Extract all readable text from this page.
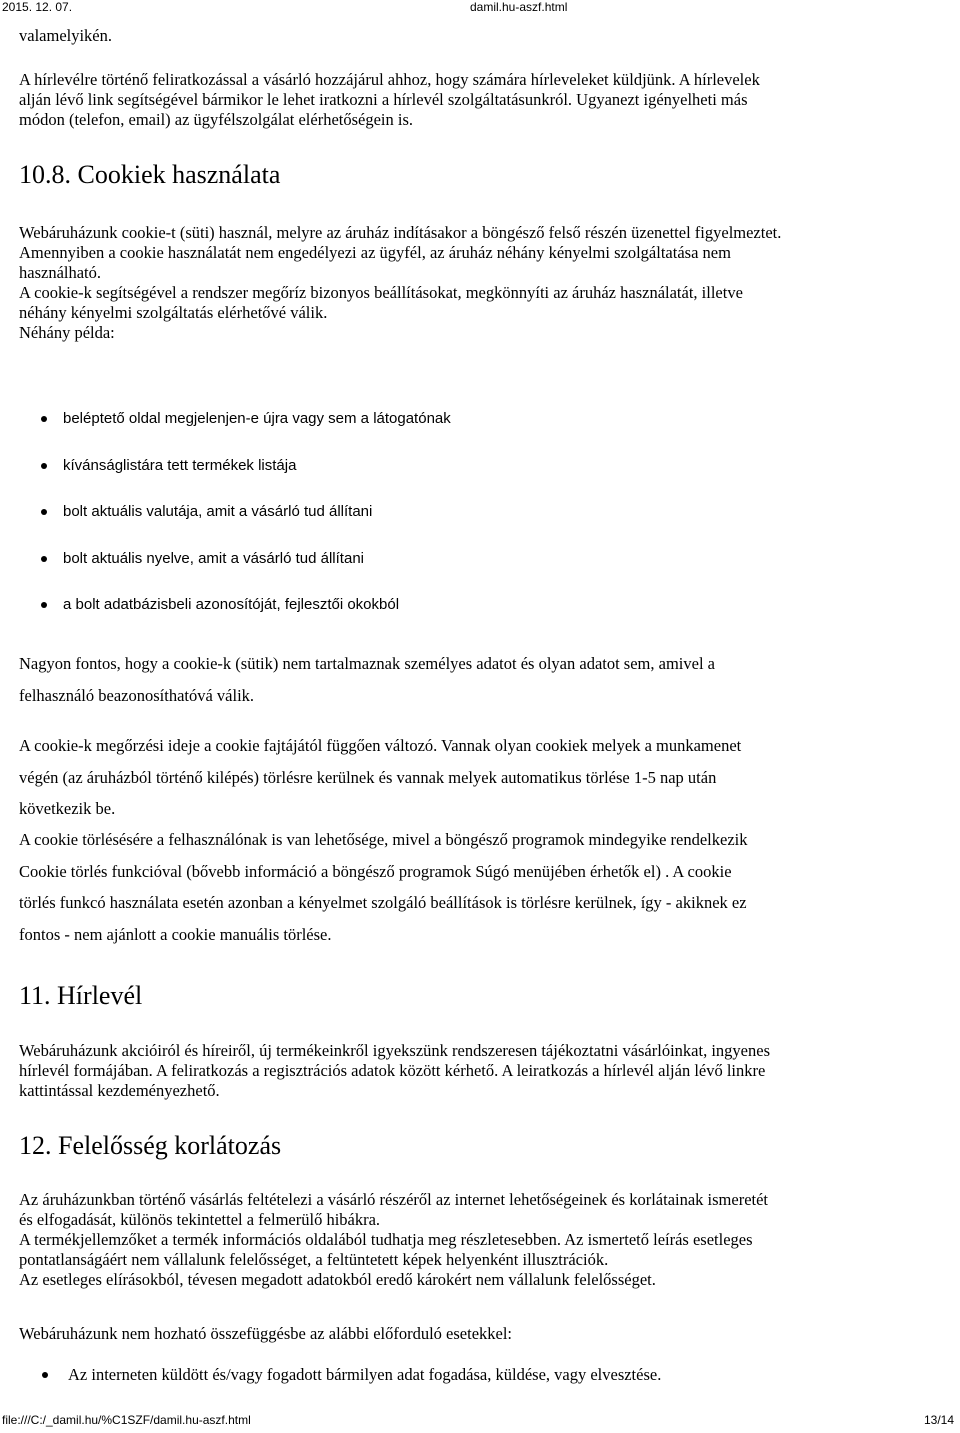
2015. 12. 07.	damil.hu-aszf.html

valamelyikén.

A hírlevélre történő feliratkozással a vásárló hozzájárul ahhoz, hogy számára hírleveleket küldjünk. A hírlevelek
alján lévő link segítségével bármikor le lehet iratkozni a hírlevél szolgáltatásunkról. Ugyanezt igényelheti más
módon (telefon, email) az ügyfélszolgálat elérhetőségein is.

10.8. Cookiek használata

Webáruházunk cookie-t (süti) használ, melyre az áruház indításakor a böngésző felső részén üzenettel figyelmeztet.
Amennyiben a cookie használatát nem engedélyezi az ügyfél, az áruház néhány kényelmi szolgáltatása nem
használható.
A cookie-k segítségével a rendszer megőríz bizonyos beállításokat, megkönnyíti az áruház használatát, illetve
néhány kényelmi szolgáltatás elérhetővé válik.
Néhány példa:

beléptető oldal megjelenjen-e újra vagy sem a látogatónak
kívánságlistára tett termékek listája
bolt aktuális valutája, amit a vásárló tud állítani
bolt aktuális nyelve, amit a vásárló tud állítani
a bolt adatbázisbeli azonosítóját, fejlesztői okokból

Nagyon fontos, hogy a cookie-k (sütik) nem tartalmaznak személyes adatot és olyan adatot sem, amivel a
felhasználó beazonosíthatóvá válik.

A cookie-k megőrzési ideje a cookie fajtájától függően változó. Vannak olyan cookiek melyek a munkamenet
végén (az áruházból történő kilépés) törlésre kerülnek és vannak melyek automatikus törlése 1-5 nap után
következik be.

A cookie törlésésére a felhasználónak is van lehetősége, mivel a böngésző programok mindegyike rendelkezik
Cookie törlés funkcióval (bővebb információ a böngésző programok Súgó menüjében érhetők el) . A cookie
törlés funkcó használata esetén azonban a kényelmet szolgáló beállítások is törlésre kerülnek, így - akiknek ez
fontos - nem ajánlott a cookie manuális törlése.

11. Hírlevél

Webáruházunk akcióiról és híreiről, új termékeinkről igyekszünk rendszeresen tájékoztatni vásárlóinkat, ingyenes
hírlevél formájában. A feliratkozás a regisztrációs adatok között kérhető. A leiratkozás a hírlevél alján lévő linkre
kattintással kezdeményezhető.

12. Felelősség korlátozás

Az áruházunkban történő vásárlás feltételezi a vásárló részéről az internet lehetőségeinek és korlátainak ismeretét
és elfogadását, különös tekintettel a felmerülő hibákra.
A termékjellemzőket a termék információs oldalából tudhatja meg részletesebben. Az ismertető leírás esetleges
pontatlanságáért nem vállalunk felelősséget, a feltüntetett képek helyenként illusztrációk.
Az esetleges elírásokból, tévesen megadott adatokból eredő károkért nem vállalunk felelősséget.

Webáruházunk nem hozható összefüggésbe az alábbi előforduló esetekkel:

Az interneten küldött és/vagy fogadott bármilyen adat fogadása, küldése, vagy elvesztése.
file:///C:/_damil.hu/%C1SZF/damil.hu-aszf.html	13/14
